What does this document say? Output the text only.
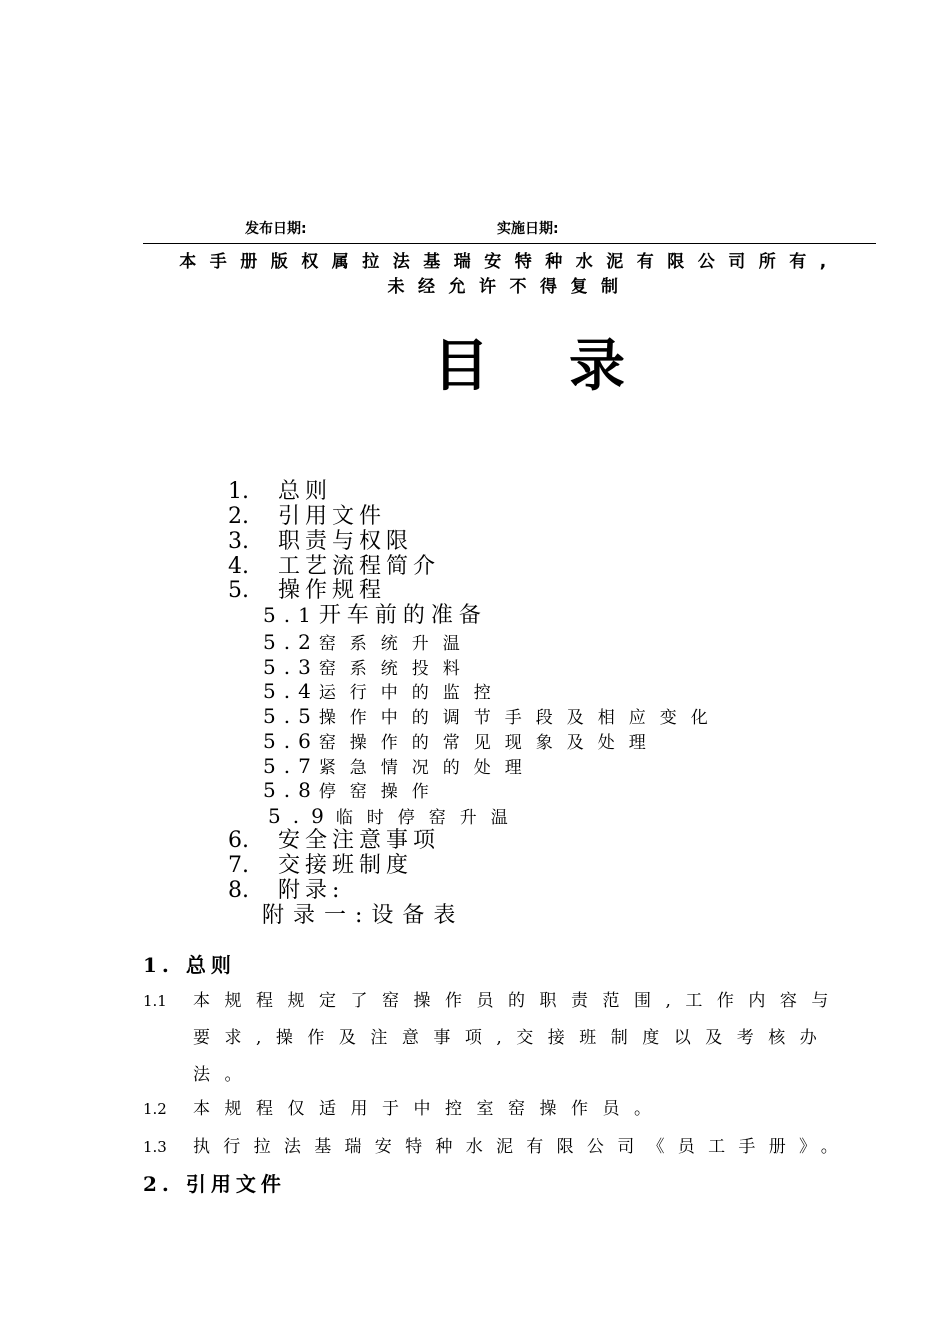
发布日期:	实施日期:
本手册版权属拉法基瑞安特种水泥有限公司所有,
未经允许不得复制
目录
1. 总则
2. 引用文件
3. 职责与权限
4. 工艺流程简介
5. 操作规程
5.1开车前的准备
5.2窑系统升温
5.3窑系统投料
5.4运行中的监控
5.5操作中的调节手段及相应变化
5.6窑操作的常见现象及处理
5.7紧急情况的处理
5.8停窑操作
5.9临时停窑升温
6. 安全注意事项
7. 交接班制度
8. 附录:
附录一:设备表
1. 总则
1.1 本规程规定了窑操作员的职责范围,工作内容与
要求,操作及注意事项,交接班制度以及考核办
法。
1.2 本规程仅适用于中控室窑操作员。
1.3 执行拉法基瑞安特种水泥有限公司《员工手册》。
2. 引用文件
